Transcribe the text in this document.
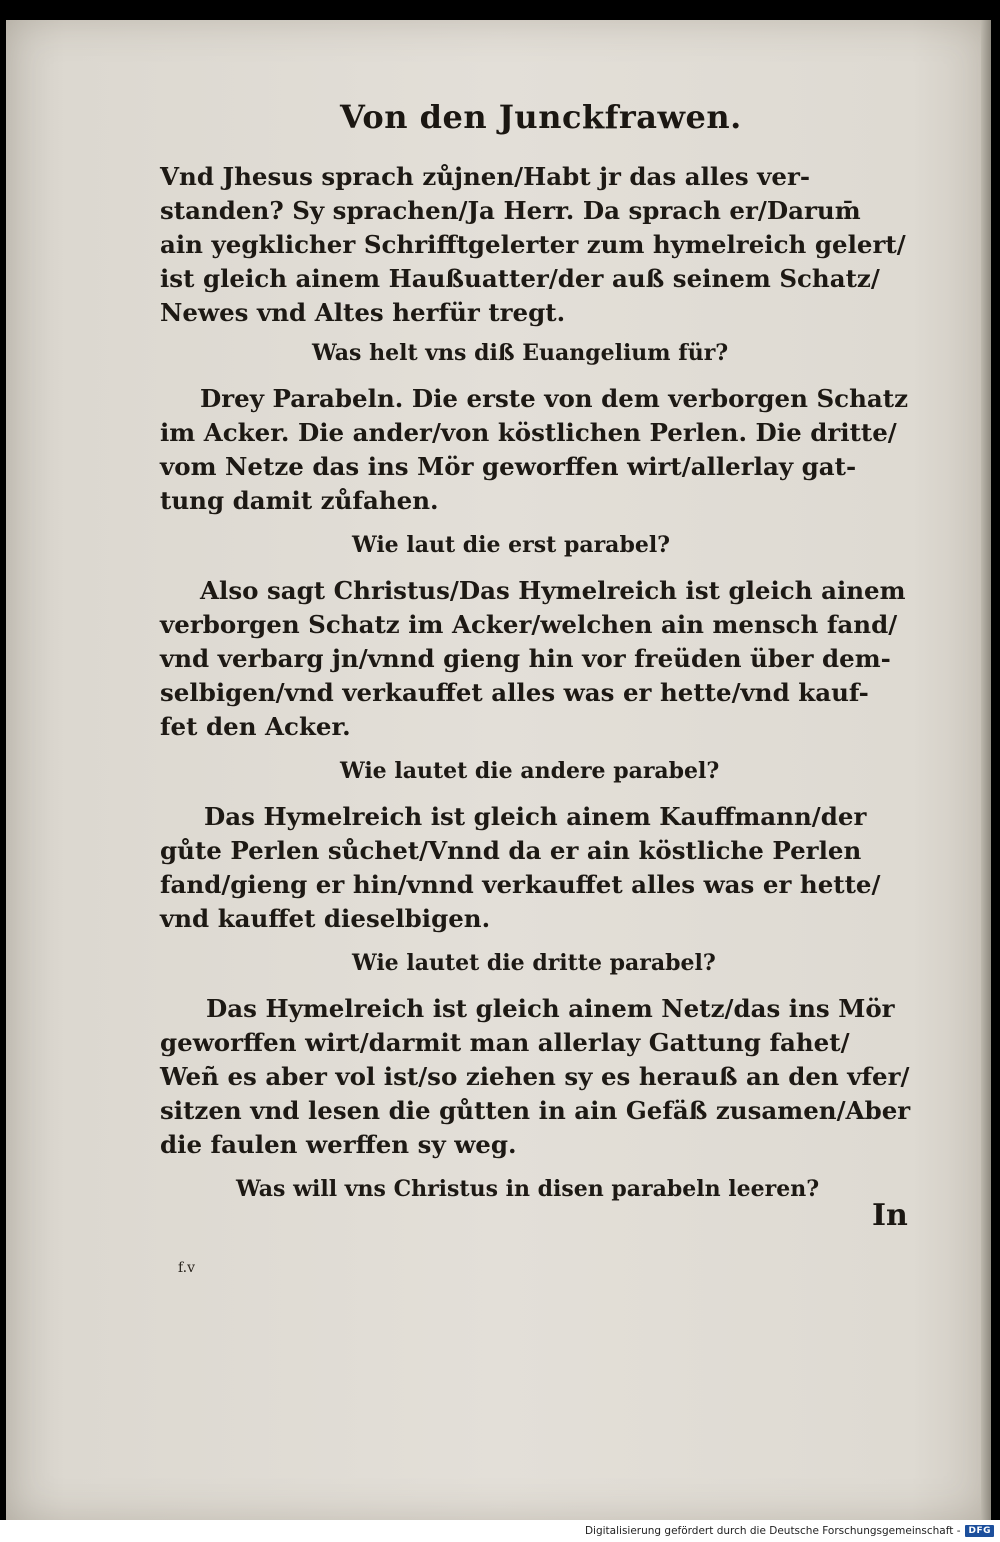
Von den Junckfrawen.

Vnd Jhesus sprach zůjnen/Habt jr das alles ver-
standen? Sy sprachen/Ja Herr. Da sprach er/Darum̄
ain yegklicher Schrifftgelerter zum hymelreich gelert/
ist gleich ainem Haußuatter/der auß seinem Schatz/
Newes vnd Altes herfür tregt.

Was helt vns diß Euangelium für?

Drey Parabeln. Die erste von dem verborgen Schatz

im Acker. Die ander/von köstlichen Perlen. Die dritte/
vom Netze das ins Mör geworffen wirt/allerlay gat-
tung damit zůfahen.

Wie laut die erst parabel?

Also sagt Christus/Das Hymelreich ist gleich ainem

verborgen Schatz im Acker/welchen ain mensch fand/
vnd verbarg jn/vnnd gieng hin vor freüden über dem-
selbigen/vnd verkauffet alles was er hette/vnd kauf-
fet den Acker.

Wie lautet die andere parabel?

Das Hymelreich ist gleich ainem Kauffmann/der

gůte Perlen sůchet/Vnnd da er ain köstliche Perlen
fand/gieng er hin/vnnd verkauffet alles was er hette/
vnd kauffet dieselbigen.

Wie lautet die dritte parabel?

Das Hymelreich ist gleich ainem Netz/das ins Mör

geworffen wirt/darmit man allerlay Gattung fahet/
Weñ es aber vol ist/so ziehen sy es herauß an den vfer/
sitzen vnd lesen die gůtten in ain Gefäß zusamen/Aber
die faulen werffen sy weg.

Was will vns Christus in disen parabeln leeren?
In
f.v
Digitalisierung gefördert durch die Deutsche Forschungsgemeinschaft - DFG
